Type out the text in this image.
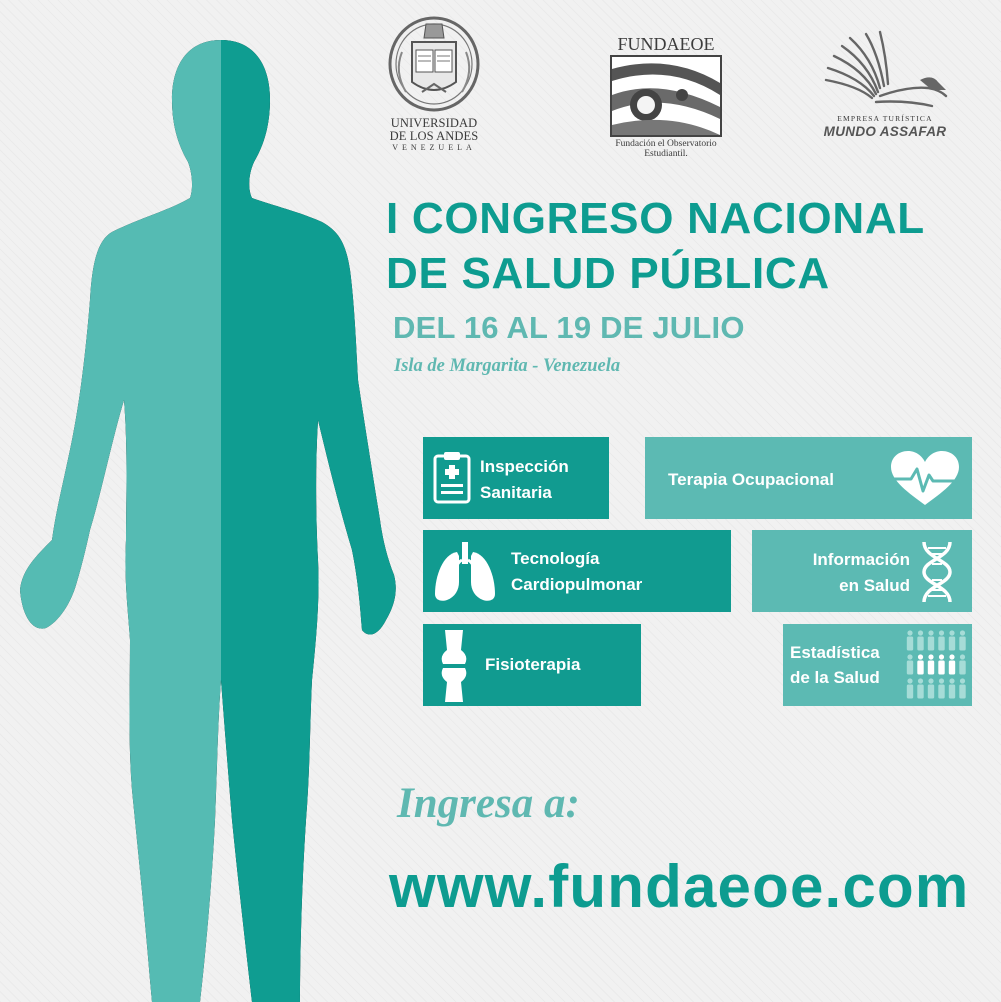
UNIVERSIDAD
DE LOS ANDES
VENEZUELA
FUNDAEOE
Fundación el Observatorio
Estudiantil.
EMPRESA TURÍSTICA
MUNDO ASSAFAR
I CONGRESO NACIONAL
DE SALUD PÚBLICA
DEL 16 AL 19 DE JULIO
Isla de Margarita - Venezuela
Inspección
Sanitaria
Terapia Ocupacional
Tecnología
Cardiopulmonar
Información
en Salud
Fisioterapia
Estadística
de la Salud
Ingresa a:
www.fundaeoe.com
